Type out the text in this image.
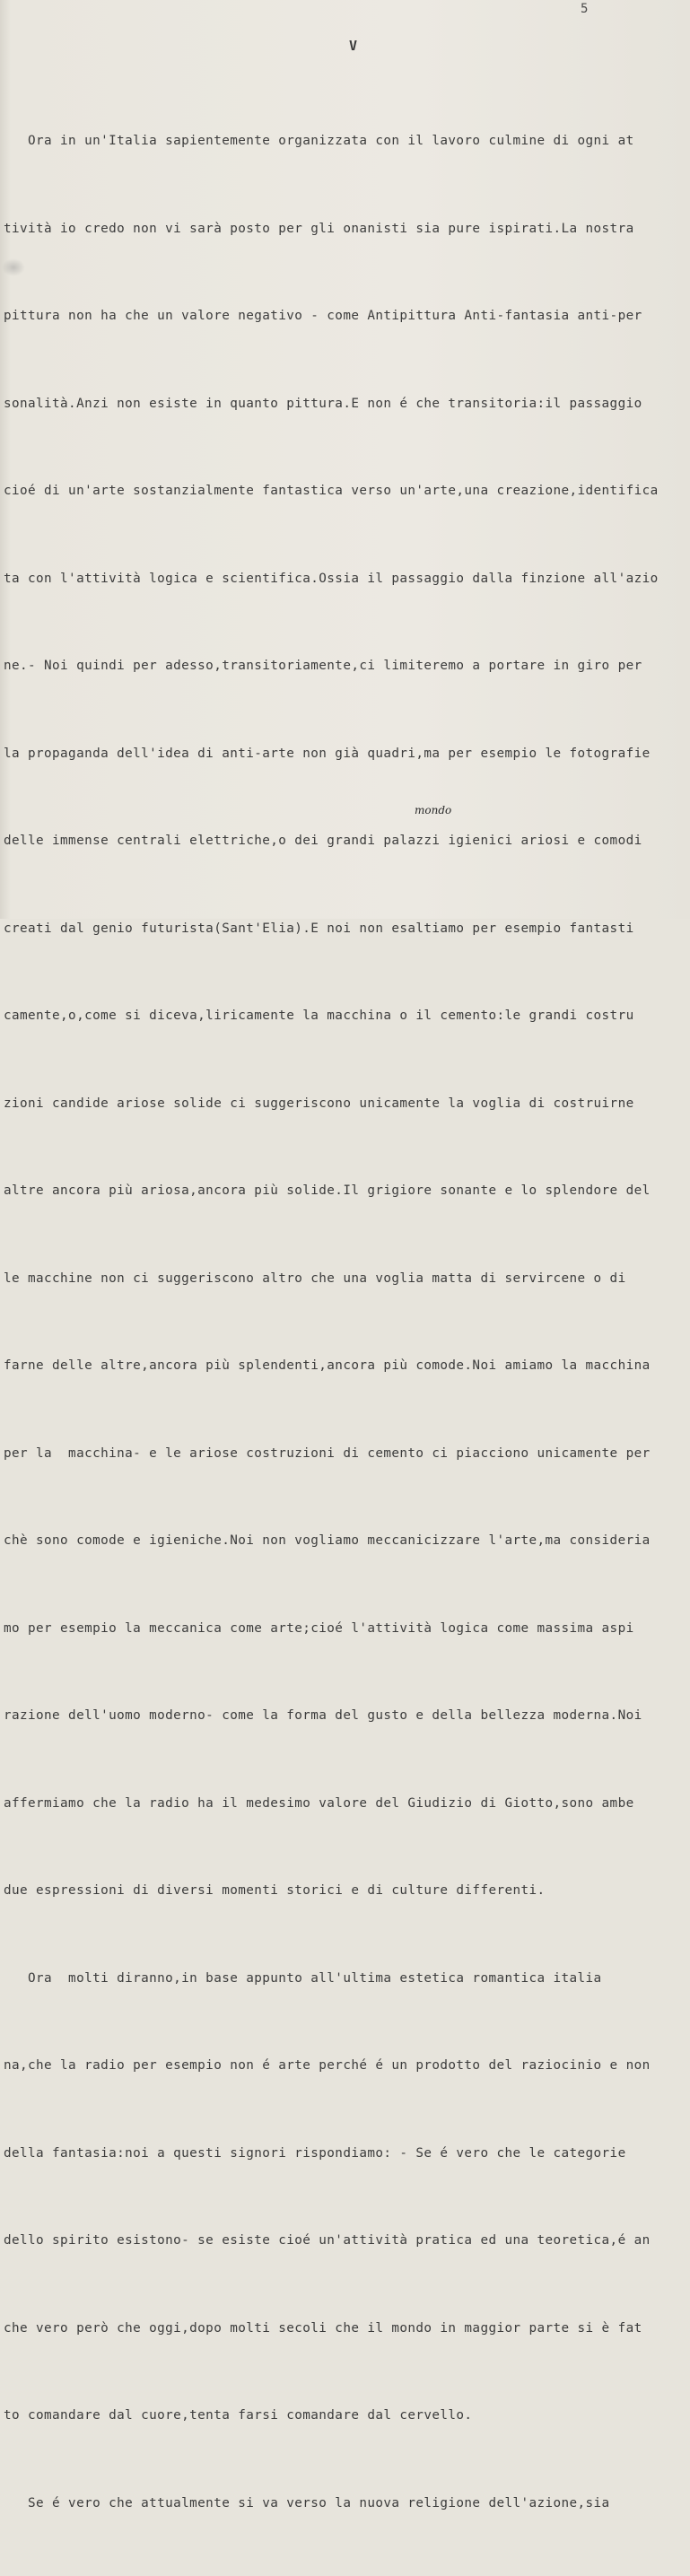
5
V
mondo

Ora in un'Italia sapientemente organizzata con il lavoro culmine di ogni at

tività io credo non vi sarà posto per gli onanisti sia pure ispirati.La nostra

pittura non ha che un valore negativo - come Antipittura Anti-fantasia anti-per

sonalità.Anzi non esiste in quanto pittura.E non é che transitoria:il passaggio

cioé di un'arte sostanzialmente fantastica verso un'arte,una creazione,identifica

ta con l'attività logica e scientifica.Ossia il passaggio dalla finzione all'azio

ne.- Noi quindi per adesso,transitoriamente,ci limiteremo a portare in giro per

la propaganda dell'idea di anti-arte non già quadri,ma per esempio le fotografie

delle immense centrali elettriche,o dei grandi palazzi igienici ariosi e comodi

creati dal genio futurista(Sant'Elia).E noi non esaltiamo per esempio fantasti

camente,o,come si diceva,liricamente la macchina o il cemento:le grandi costru

zioni candide ariose solide ci suggeriscono unicamente la voglia di costruirne

altre ancora più ariosa,ancora più solide.Il grigiore sonante e lo splendore del

le macchine non ci suggeriscono altro che una voglia matta di servircene o di

farne delle altre,ancora più splendenti,ancora più comode.Noi amiamo la macchina

per la  macchina- e le ariose costruzioni di cemento ci piacciono unicamente per

chè sono comode e igieniche.Noi non vogliamo meccanicizzare l'arte,ma consideria

mo per esempio la meccanica come arte;cioé l'attività logica come massima aspi

razione dell'uomo moderno- come la forma del gusto e della bellezza moderna.Noi

affermiamo che la radio ha il medesimo valore del Giudizio di Giotto,sono ambe

due espressioni di diversi momenti storici e di culture differenti.

Ora  molti diranno,in base appunto all'ultima estetica romantica italia

na,che la radio per esempio non é arte perché é un prodotto del raziocinio e non

della fantasia:noi a questi signori rispondiamo: - Se é vero che le categorie

dello spirito esistono- se esiste cioé un'attività pratica ed una teoretica,é an

che vero però che oggi,dopo molti secoli che il mondo in maggior parte si è fat

to comandare dal cuore,tenta farsi comandare dal cervello.

Se é vero che attualmente si va verso la nuova religione dell'azione,sia
